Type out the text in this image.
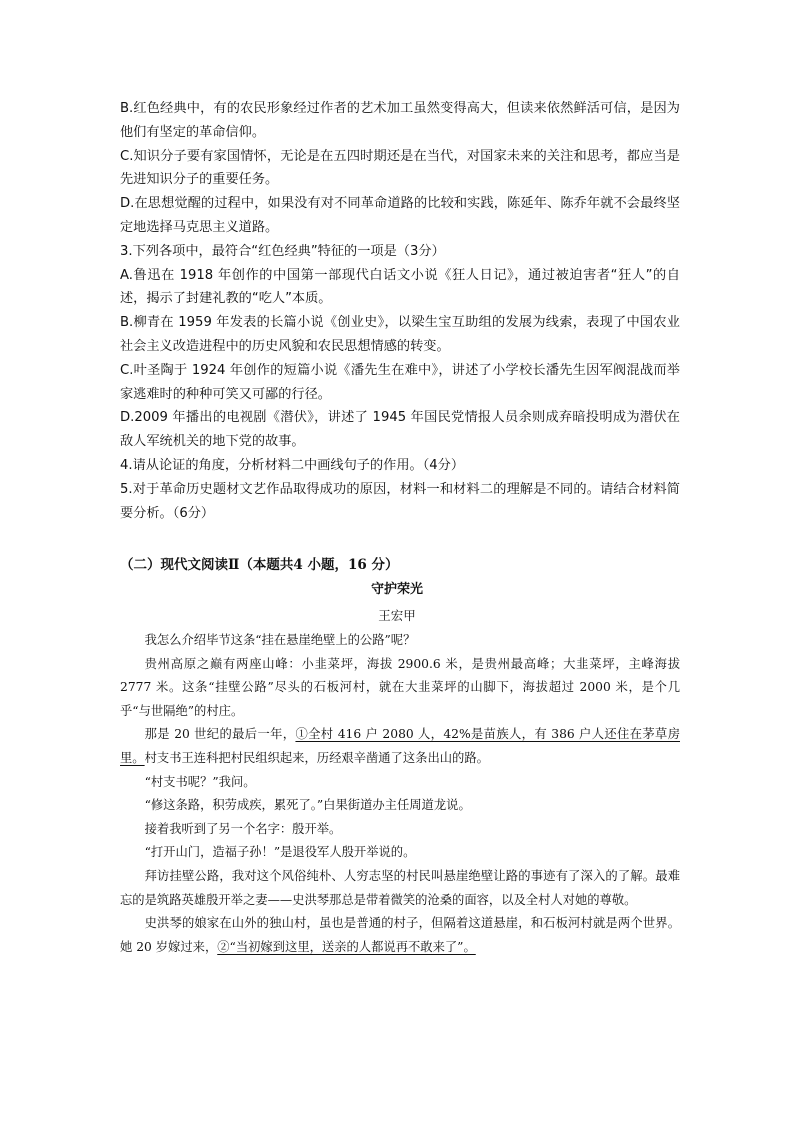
B.红色经典中，有的农民形象经过作者的艺术加工虽然变得高大，但读来依然鲜活可信，是因为他们有坚定的革命信仰。

C.知识分子要有家国情怀，无论是在五四时期还是在当代，对国家未来的关注和思考，都应当是先进知识分子的重要任务。

D.在思想觉醒的过程中，如果没有对不同革命道路的比较和实践，陈延年、陈乔年就不会最终坚定地选择马克思主义道路。

3.下列各项中，最符合“红色经典”特征的一项是（3分）

A.鲁迅在 1918 年创作的中国第一部现代白话文小说《狂人日记》，通过被迫害者“狂人”的自述，揭示了封建礼教的“吃人”本质。

B.柳青在 1959 年发表的长篇小说《创业史》，以梁生宝互助组的发展为线索，表现了中国农业社会主义改造进程中的历史风貌和农民思想情感的转变。

C.叶圣陶于 1924 年创作的短篇小说《潘先生在难中》，讲述了小学校长潘先生因军阀混战而举家逃难时的种种可笑又可鄙的行径。

D.2009 年播出的电视剧《潜伏》，讲述了 1945 年国民党情报人员余则成弃暗投明成为潜伏在敌人军统机关的地下党的故事。

4.请从论证的角度，分析材料二中画线句子的作用。（4分）

5.对于革命历史题材文艺作品取得成功的原因，材料一和材料二的理解是不同的。请结合材料简要分析。（6分）

（二）现代文阅读Ⅱ（本题共4 小题，16 分）
守护荣光
王宏甲

我怎么介绍毕节这条“挂在悬崖绝壁上的公路”呢？

贵州高原之巅有两座山峰：小韭菜坪，海拔 2900.6 米，是贵州最高峰；大韭菜坪，主峰海拔 2777 米。这条“挂壁公路”尽头的石板河村，就在大韭菜坪的山脚下，海拔超过 2000 米，是个几乎“与世隔绝”的村庄。

那是 20 世纪的最后一年，①全村 416 户 2080 人，42%是苗族人，有 386 户人还住在茅草房里。村支书王连科把村民组织起来，历经艰辛凿通了这条出山的路。

“村支书呢？”我问。

“修这条路，积劳成疾，累死了。”白果街道办主任周道龙说。

接着我听到了另一个名字：殷开举。

“打开山门，造福子孙！”是退役军人殷开举说的。

拜访挂壁公路，我对这个风俗纯朴、人穷志坚的村民叫悬崖绝壁让路的事迹有了深入的了解。最难忘的是筑路英雄殷开举之妻——史洪琴那总是带着微笑的沧桑的面容，以及全村人对她的尊敬。

史洪琴的娘家在山外的独山村，虽也是普通的村子，但隔着这道悬崖，和石板河村就是两个世界。她 20 岁嫁过来，②“当初嫁到这里，送亲的人都说再不敢来了”。
